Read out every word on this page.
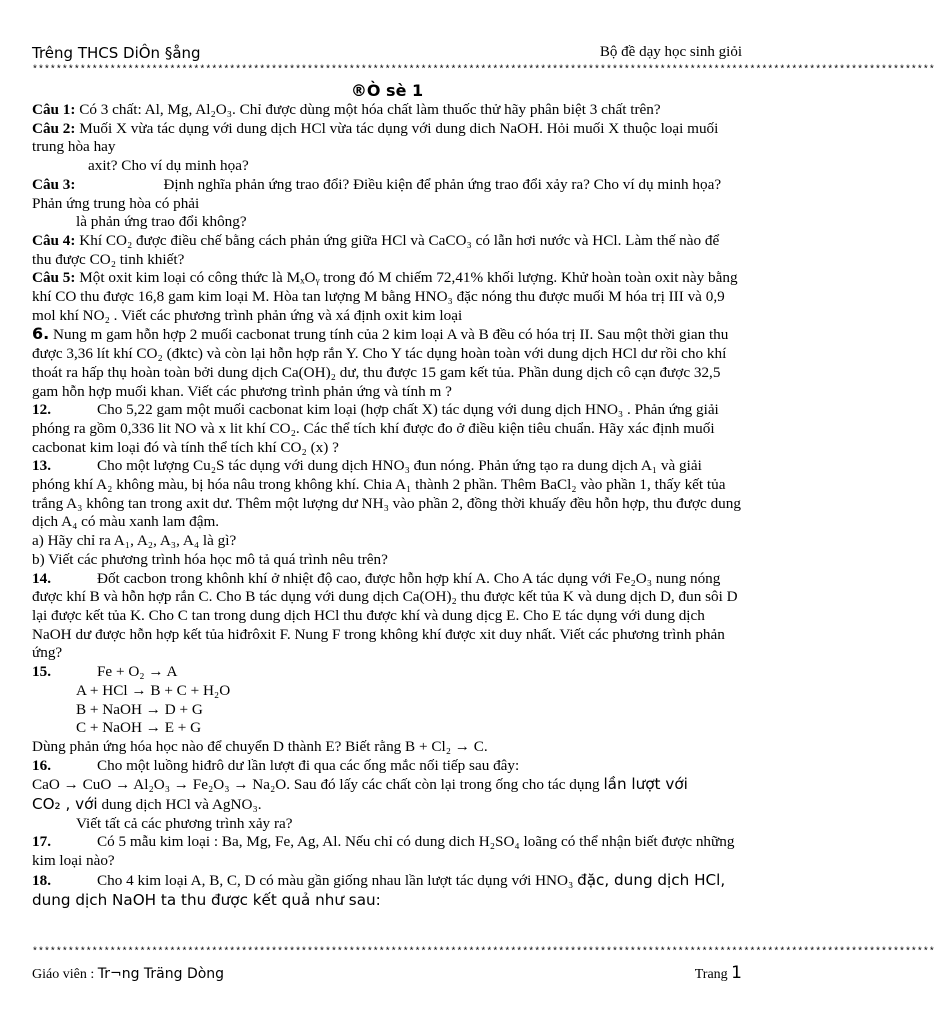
Trêng THCS DiÔn §ång	Bộ đề dạy học sinh giỏi
*******************************************************************************************************************************************************
®Ò sè 1

Câu 1: Có 3 chất: Al, Mg, Al₂O₃. Chỉ được dùng một hóa chất làm thuốc thử hãy phân biệt 3 chất trên?

Câu 2: Muối X vừa tác dụng với dung dịch HCl vừa tác dụng với dung dich NaOH. Hỏi muối X thuộc loại muối trung hòa hay

axit? Cho ví dụ minh họa?

Câu 3:	Định nghĩa phản ứng trao đổi? Điều kiện để phản ứng trao đổi xảy ra? Cho ví dụ minh họa? Phản ứng trung hòa có phải

là phản ứng trao đổi không?

Câu 4: Khí CO₂ được điều chế bằng cách phản ứng giữa HCl và CaCO₃ có lẫn hơi nước và HCl. Làm thế nào để thu được CO₂ tinh khiết?

Câu 5: Một oxit kim loại có công thức là MₓOᵧ trong đó M chiếm 72,41% khối lượng. Khử hoàn toàn oxit này bằng khí CO thu được 16,8 gam kim loại M. Hòa tan lượng M bằng HNO₃ đặc nóng thu được muối M hóa trị III và 0,9 mol khí NO₂ . Viết các phương trình phản ứng và xá định oxit kim loại

6. Nung m gam hỗn hợp 2 muối cacbonat trung tính của 2 kim loại A và B đều có hóa trị II. Sau một thời gian thu được 3,36 lít khí CO₂ (đktc) và còn lại hỗn hợp rắn Y. Cho Y tác dụng hoàn toàn với dung dịch HCl dư rồi cho khí thoát ra hấp thụ hoàn toàn bởi dung dịch Ca(OH)₂ dư, thu được 15 gam kết tủa. Phần dung dịch cô cạn được 32,5 gam hỗn hợp muối khan. Viết các phương trình phản ứng và tính m ?

12.	Cho 5,22 gam một muối cacbonat kim loại (hợp chất X) tác dụng với dung dịch HNO₃ . Phản ứng giải phóng ra gồm 0,336 lit NO và x lit khí CO₂. Các thể tích khí được đo ở điều kiện tiêu chuẩn. Hãy xác định muối cacbonat kim loại đó và tính thể tích khí CO₂ (x) ?

13.	Cho một lượng Cu₂S tác dụng với dung dịch HNO₃ đun nóng. Phản ứng tạo ra dung dịch A₁ và giải phóng khí A₂ không màu, bị hóa nâu trong không khí. Chia A₁ thành 2 phần. Thêm BaCl₂ vào phần 1, thấy kết tủa trắng A₃ không tan trong axit dư. Thêm một lượng dư NH₃ vào phần 2, đồng thời khuấy đều hỗn hợp, thu được dung dịch A₄ có màu xanh lam đậm.

a) Hãy chỉ ra A₁, A₂, A₃, A₄ là gì?

b) Viết các phương trình hóa học mô tả quá trình nêu trên?

14.	Đốt cacbon trong khônh khí ở nhiệt độ cao, được hỗn hợp khí A. Cho A tác dụng với Fe₂O₃ nung nóng được khí B và hỗn hợp rắn C. Cho B tác dụng với dung dịch Ca(OH)₂ thu được kết tủa K và dung dịch D, đun sôi D lại được kết tủa K. Cho C tan trong dung dịch HCl thu được khí và dung dịcg E. Cho E tác dụng với dung dịch NaOH dư được hỗn hợp kết tủa hiđrôxit F. Nung F trong không khí được xit duy nhất. Viết các phương trình phản ứng?

15.	Fe + O₂ → A

A + HCl → B + C + H₂O

B + NaOH → D + G

C + NaOH → E + G

Dùng phản ứng hóa học nào để chuyển D thành E? Biết rằng B + Cl₂ → C.

16.	Cho một luồng hiđrô dư lần lượt đi qua các ống mắc nối tiếp sau đây:

CaO → CuO → Al₂O₃ → Fe₂O₃ → Na₂O. Sau đó lấy các chất còn lại trong ống cho tác dụng lần lượt với

CO₂ , với dung dịch HCl và AgNO₃.

Viết tất cả các phương trình xảy ra?

17.	Có 5 mẫu kim loại : Ba, Mg, Fe, Ag, Al. Nếu chỉ có dung dich H₂SO₄ loãng có thể nhận biết được những kim loại nào?

18.	Cho 4 kim loại A, B, C, D có màu gần giống nhau lần lượt tác dụng với HNO₃ đặc, dung dịch HCl, dung dịch NaOH ta thu được kết quả như sau:

*******************************************************************************************************************************************************
Giáo viên : Tr¬ng Träng Dòng	Trang 1
